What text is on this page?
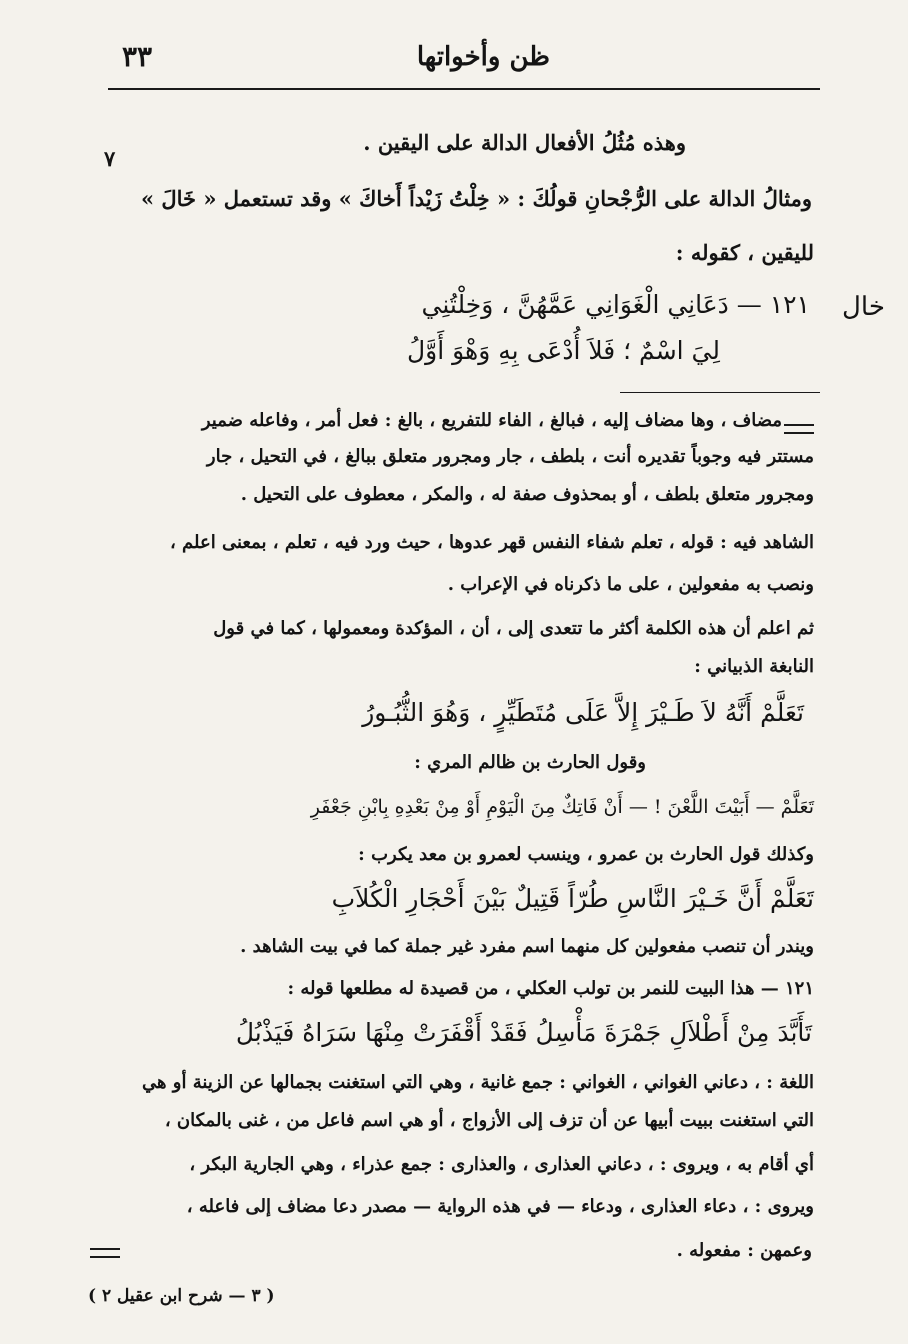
ظن وأخواتها
٣٣
٧
خال
وهذه مُثُلُ الأفعال الدالة على اليقين .
ومثالُ الدالة على الرُّجْحانِ قولُكَ : « خِلْتُ زَيْداً أَخاكَ » وقد تستعمل « خَالَ »
لليقين ، كقوله :
١٢١ — دَعَانِي الْغَوَانِي عَمَّهُنَّ ، وَخِلْتُنِي
لِيَ اسْمٌ ؛ فَلاَ أُدْعَى بِهِ وَهْوَ أَوَّلُ
مضاف ، وها مضاف إليه ، فبالغ ، الفاء للتفريع ، بالغ : فعل أمر ، وفاعله ضمير
مستتر فيه وجوباً تقديره أنت ، بلطف ، جار ومجرور متعلق ببالغ ، في التحيل ، جار
ومجرور متعلق بلطف ، أو بمحذوف صفة له ، والمكر ، معطوف على التحيل .
الشاهد فيه : قوله ، تعلم شفاء النفس قهر عدوها ، حيث ورد فيه ، تعلم ، بمعنى اعلم ،
ونصب به مفعولين ، على ما ذكرناه في الإعراب .
ثم اعلم أن هذه الكلمة أكثر ما تتعدى إلى ، أن ، المؤكدة ومعمولها ، كما في قول
النابغة الذبياني :
تَعَلَّمْ أَنَّهُ لاَ طَـيْرَ إِلاَّ عَلَى مُتَطَيِّرٍ ، وَهُوَ الثُّبُـورُ
وقول الحارث بن ظالم المري :
تَعَلَّمْ — أَبَيْتَ اللَّعْنَ ! — أَنْ فَاتِكٌ مِنَ الْيَوْمِ أَوْ مِنْ بَعْدِهِ بِابْنِ جَعْفَرِ
وكذلك قول الحارث بن عمرو ، وينسب لعمرو بن معد يكرب :
تَعَلَّمْ أَنَّ خَـيْرَ النَّاسِ طُرّاً قَتِيلٌ بَيْنَ أَحْجَارِ الْكُلاَبِ
ويندر أن تنصب مفعولين كل منهما اسم مفرد غير جملة كما في بيت الشاهد .
١٢١ — هذا البيت للنمر بن تولب العكلي ، من قصيدة له مطلعها قوله :
تَأَبَّدَ مِنْ أَطْلاَلِ جَمْرَةَ مَأْسِلُ فَقَدْ أَقْفَرَتْ مِنْهَا سَرَاهُ فَيَذْبُلُ
اللغة : ، دعاني الغواني ، الغواني : جمع غانية ، وهي التي استغنت بجمالها عن الزينة أو هي
التي استغنت ببيت أبيها عن أن تزف إلى الأزواج ، أو هي اسم فاعل من ، غنى بالمكان ،
أي أقام به ، ويروى : ، دعاني العذارى ، والعذارى : جمع عذراء ، وهي الجارية البكر ،
ويروى : ، دعاء العذارى ، ودعاء — في هذه الرواية — مصدر دعا مضاف إلى فاعله ،
وعمهن : مفعوله .
( ٣ — شرح ابن عقيل ٢ )
